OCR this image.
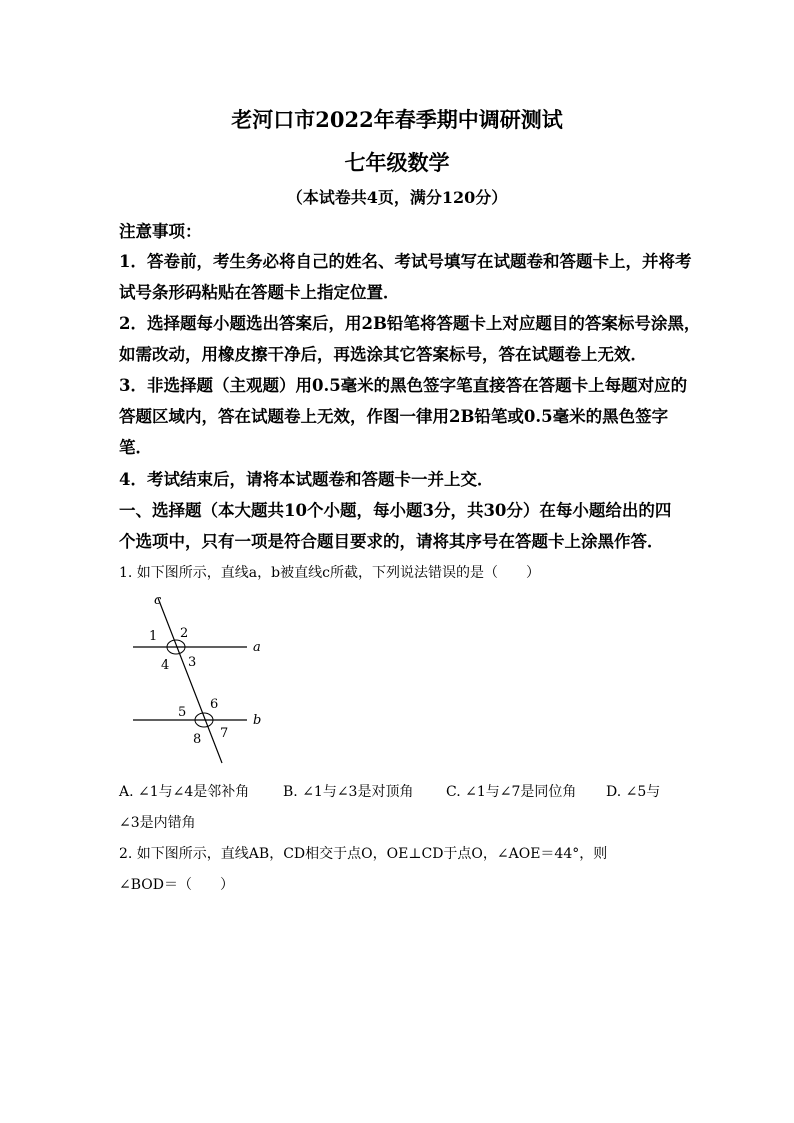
老河口市2022年春季期中调研测试
七年级数学
（本试卷共4页，满分120分）
注意事项：
1．答卷前，考生务必将自己的姓名、考试号填写在试题卷和答题卡上，并将考
试号条形码粘贴在答题卡上指定位置．
2．选择题每小题选出答案后，用2B铅笔将答题卡上对应题目的答案标号涂黑，
如需改动，用橡皮擦干净后，再选涂其它答案标号，答在试题卷上无效．
3．非选择题（主观题）用0.5毫米的黑色签字笔直接答在答题卡上每题对应的
答题区域内，答在试题卷上无效，作图一律用2B铅笔或0.5毫米的黑色签字
笔．
4．考试结束后，请将本试题卷和答题卡一并上交．
一、选择题（本大题共10个小题，每小题3分，共30分）在每小题给出的四
个选项中，只有一项是符合题目要求的，请将其序号在答题卡上涂黑作答．
1. 如下图所示，直线a，b被直线c所截，下列说法错误的是（　　）
c
a
b
1 2
3
4
5
6
7
8
A. ∠1与∠4是邻补角 B. ∠1与∠3是对顶角 C. ∠1与∠7是同位角 D. ∠5与
∠3是内错角
2. 如下图所示，直线AB，CD相交于点O，OE⊥CD于点O，∠AOE＝44°，则
∠BOD＝（　　）
